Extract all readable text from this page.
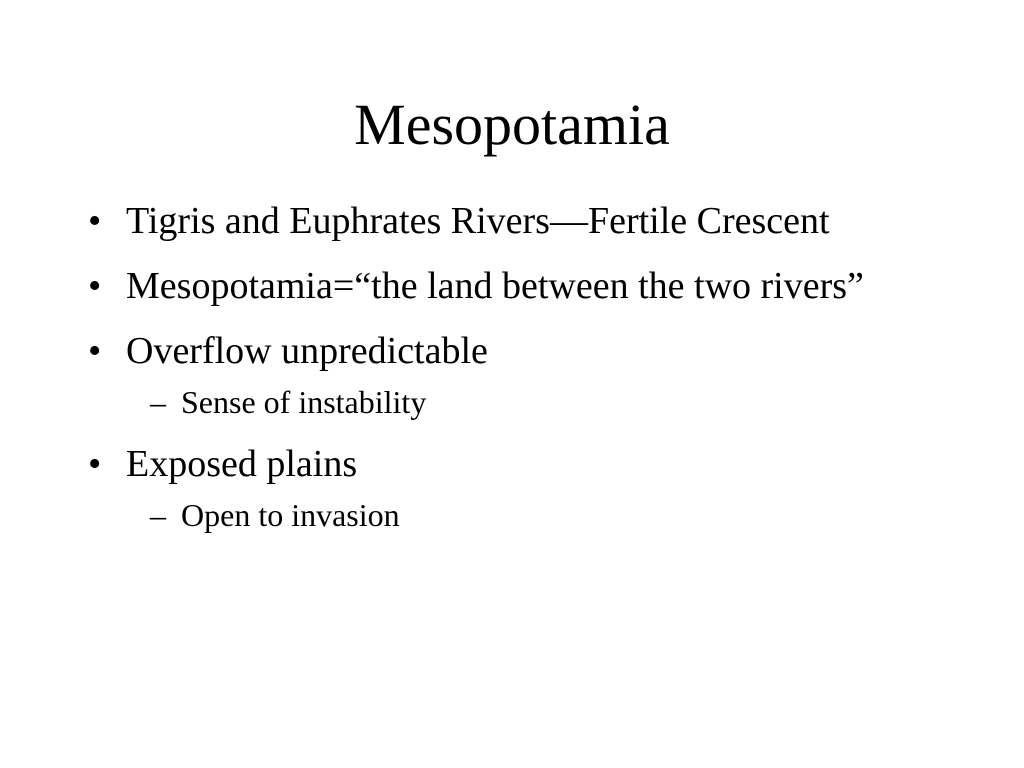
Mesopotamia
• Tigris and Euphrates Rivers—Fertile Crescent
• Mesopotamia=“the land between the two rivers”
• Overflow unpredictable
– Sense of instability
• Exposed plains
– Open to invasion
